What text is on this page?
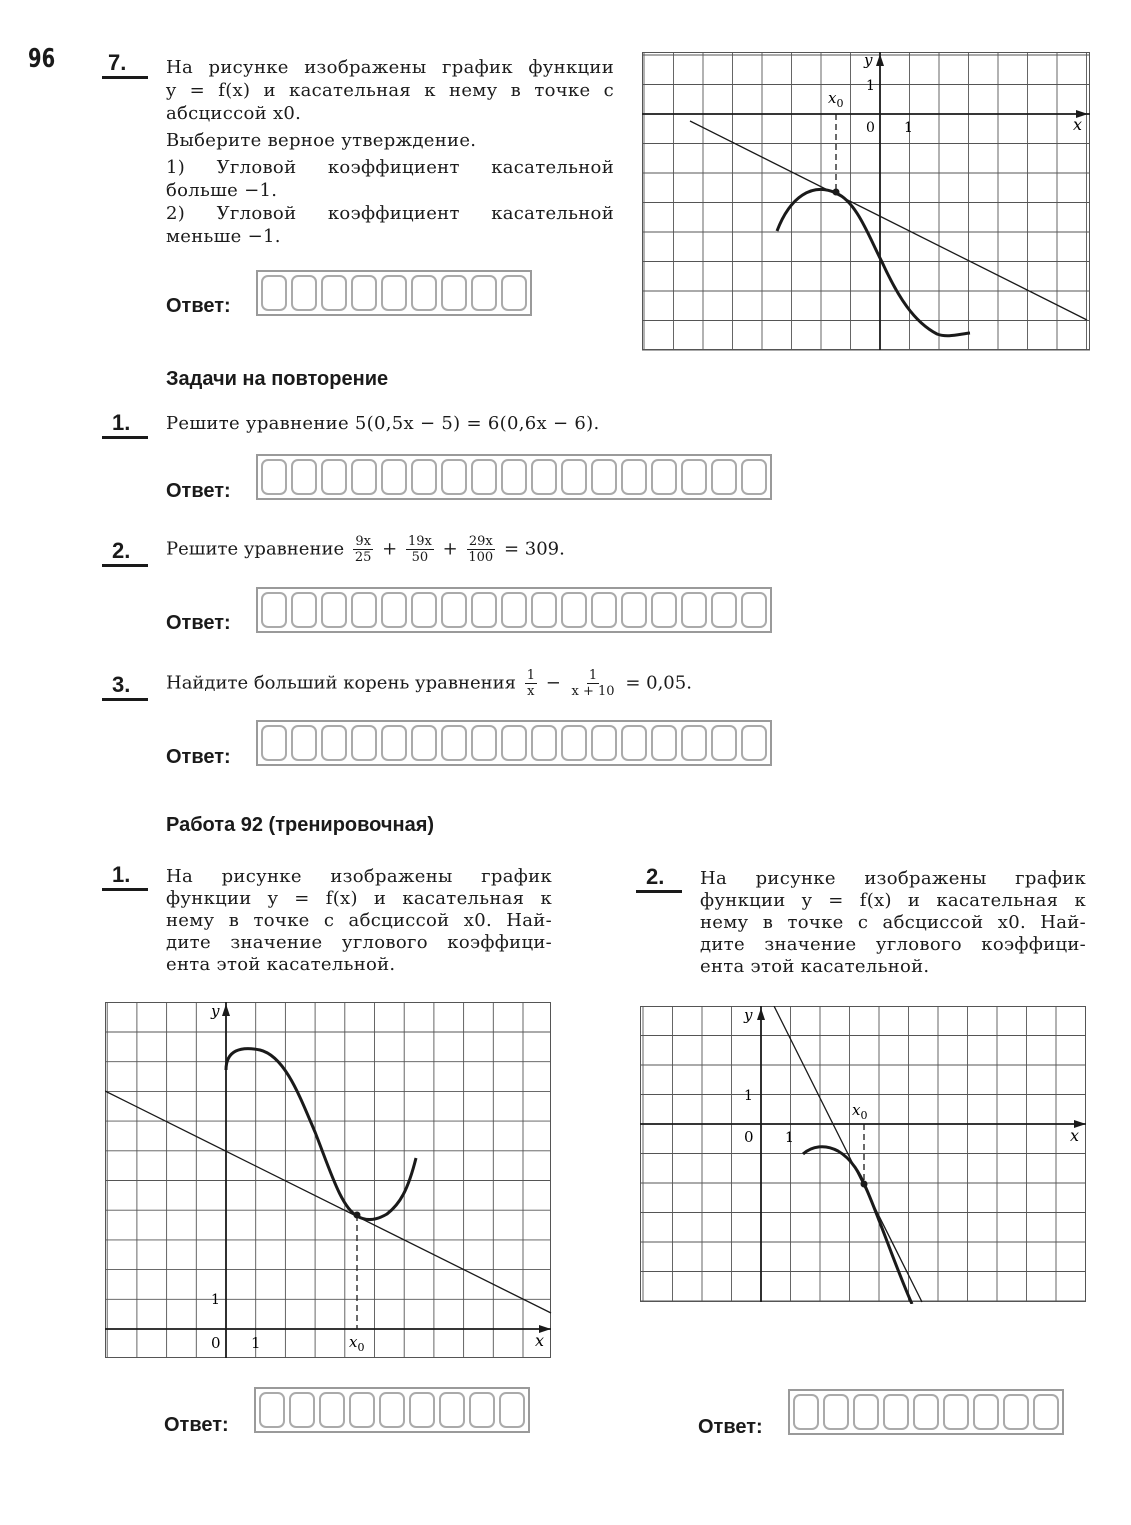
96 7. На рисунке изображены график функции

y = f(x) и касательная к нему в точке с

абсциссой x0.

Выберите верное утверждение.

1) Угловой коэффициент касательной

больше −1.

2) Угловой коэффициент касательной

меньше −1.

Ответ:
y
1
0 1	x
$x_0$
Задачи на повторение
1. Решите уравнение 5(0,5x − 5) = 6(0,6x − 6).
Ответ:
2. Решите уравнение $\frac{9x}{25} + \frac{19x}{50} + \frac{29x}{100} = 309$.
Ответ:
3. Найдите больший корень уравнения $\frac{1}{x} - \frac{1}{x + 10} = 0,05$.
Ответ:
Работа 92 (тренировочная)
1. На рисунке изображены график

функции y = f(x) и касательная к

нему в точке с абсциссой x0. Най-

дите значение углового коэффици-

ента этой касательной.

2. На рисунке изображены график

функции y = f(x) и касательная к

нему в точке с абсциссой x0. Най-

дите значение углового коэффици-

ента этой касательной.

y
1
0 1	x
$x_0$
y
1
0 1	x
$x_0$
Ответ:	Ответ:
